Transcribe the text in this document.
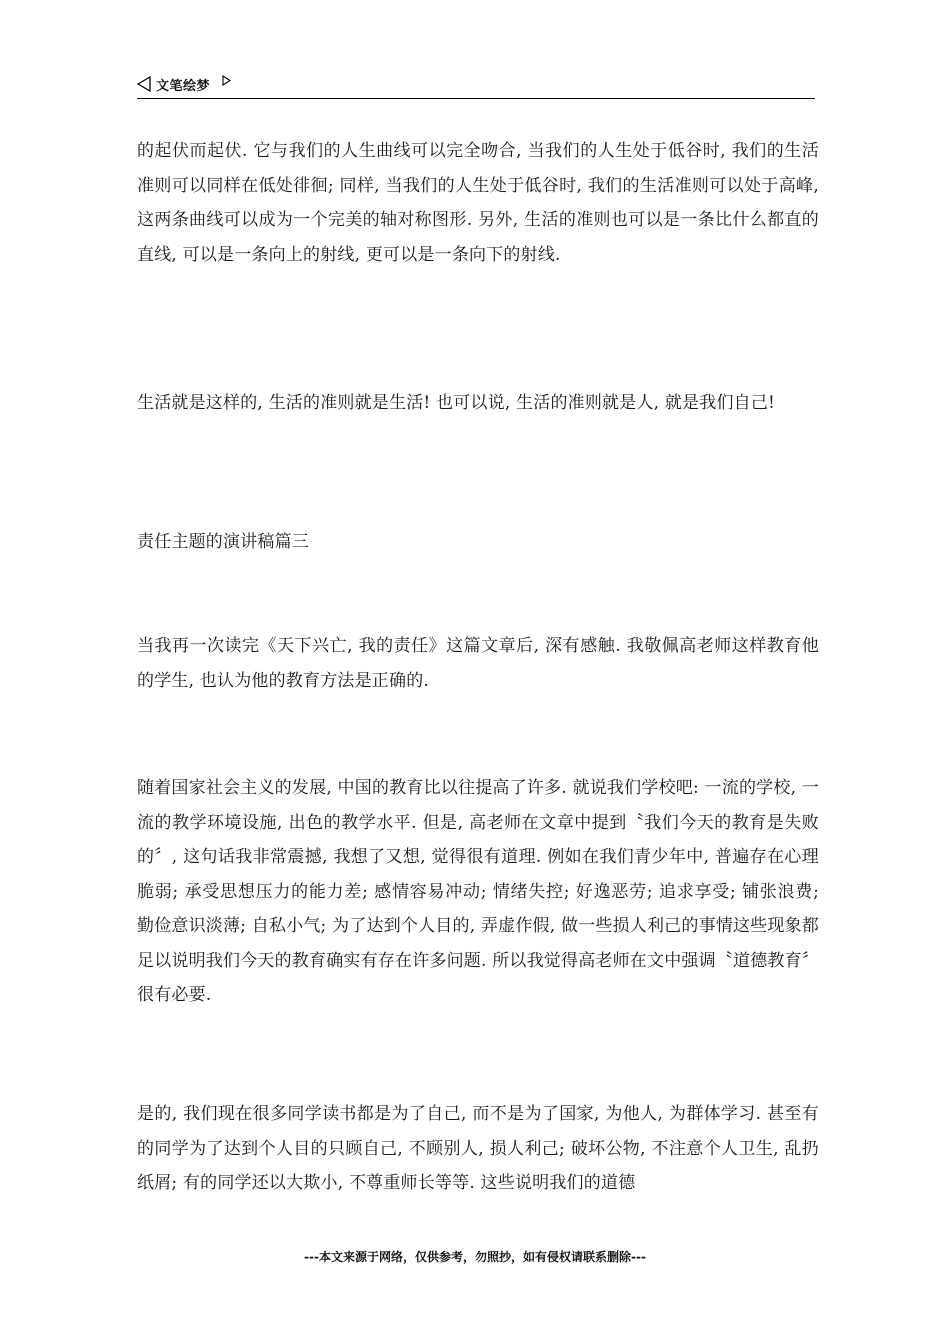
文笔绘梦

的起伏而起伏. 它与我们的人生曲线可以完全吻合, 当我们的人生处于低谷时, 我们的生活准则可以同样在低处徘徊; 同样, 当我们的人生处于低谷时, 我们的生活准则可以处于高峰, 这两条曲线可以成为一个完美的轴对称图形. 另外, 生活的准则也可以是一条比什么都直的直线, 可以是一条向上的射线, 更可以是一条向下的射线.

生活就是这样的, 生活的准则就是生活! 也可以说, 生活的准则就是人, 就是我们自己!

责任主题的演讲稿篇三

当我再一次读完《天下兴亡, 我的责任》这篇文章后, 深有感触. 我敬佩高老师这样教育他的学生, 也认为他的教育方法是正确的.

随着国家社会主义的发展, 中国的教育比以往提高了许多. 就说我们学校吧: 一流的学校, 一流的教学环境设施, 出色的教学水平. 但是, 高老师在文章中提到〝我们今天的教育是失败的〞, 这句话我非常震撼, 我想了又想, 觉得很有道理. 例如在我们青少年中, 普遍存在心理脆弱; 承受思想压力的能力差; 感情容易冲动; 情绪失控; 好逸恶劳; 追求享受; 铺张浪费; 勤俭意识淡薄; 自私小气; 为了达到个人目的, 弄虚作假, 做一些损人利己的事情这些现象都足以说明我们今天的教育确实有存在许多问题. 所以我觉得高老师在文中强调〝道德教育〞很有必要.

是的, 我们现在很多同学读书都是为了自己, 而不是为了国家, 为他人, 为群体学习. 甚至有的同学为了达到个人目的只顾自己, 不顾别人, 损人利己; 破坏公物, 不注意个人卫生, 乱扔纸屑; 有的同学还以大欺小, 不尊重师长等等. 这些说明我们的道德

---本文来源于网络，仅供参考，勿照抄，如有侵权请联系删除---
